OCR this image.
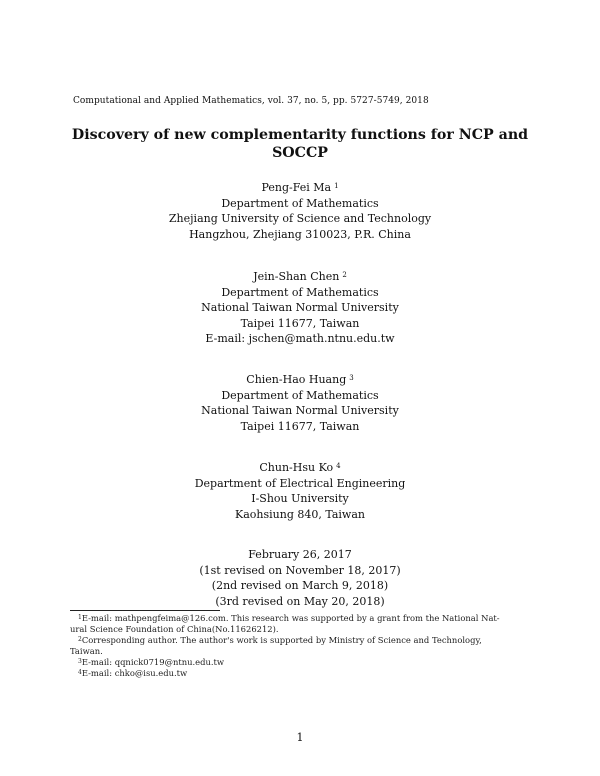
Computational and Applied Mathematics, vol. 37, no. 5, pp. 5727-5749, 2018
Discovery of new complementarity functions for NCP and
SOCCP
Peng-Fei Ma $^1$
Department of Mathematics
Zhejiang University of Science and Technology
Hangzhou, Zhejiang 310023, P.R. China
Jein-Shan Chen $^2$
Department of Mathematics
National Taiwan Normal University
Taipei 11677, Taiwan
E-mail: jschen@math.ntnu.edu.tw
Chien-Hao Huang $^3$
Department of Mathematics
National Taiwan Normal University
Taipei 11677, Taiwan
Chun-Hsu Ko $^4$
Department of Electrical Engineering
I-Shou University
Kaohsiung 840, Taiwan
February 26, 2017
(1st revised on November 18, 2017)
(2nd revised on March 9, 2018)
(3rd revised on May 20, 2018)
$^1$E-mail: mathpengfeima@126.com. This research was supported by a grant from the National Nat-
ural Science Foundation of China(No.11626212).
$^2$Corresponding author. The author's work is supported by Ministry of Science and Technology,
Taiwan.
$^3$E-mail: qqnick0719@ntnu.edu.tw
$^4$E-mail: chko@isu.edu.tw
1
